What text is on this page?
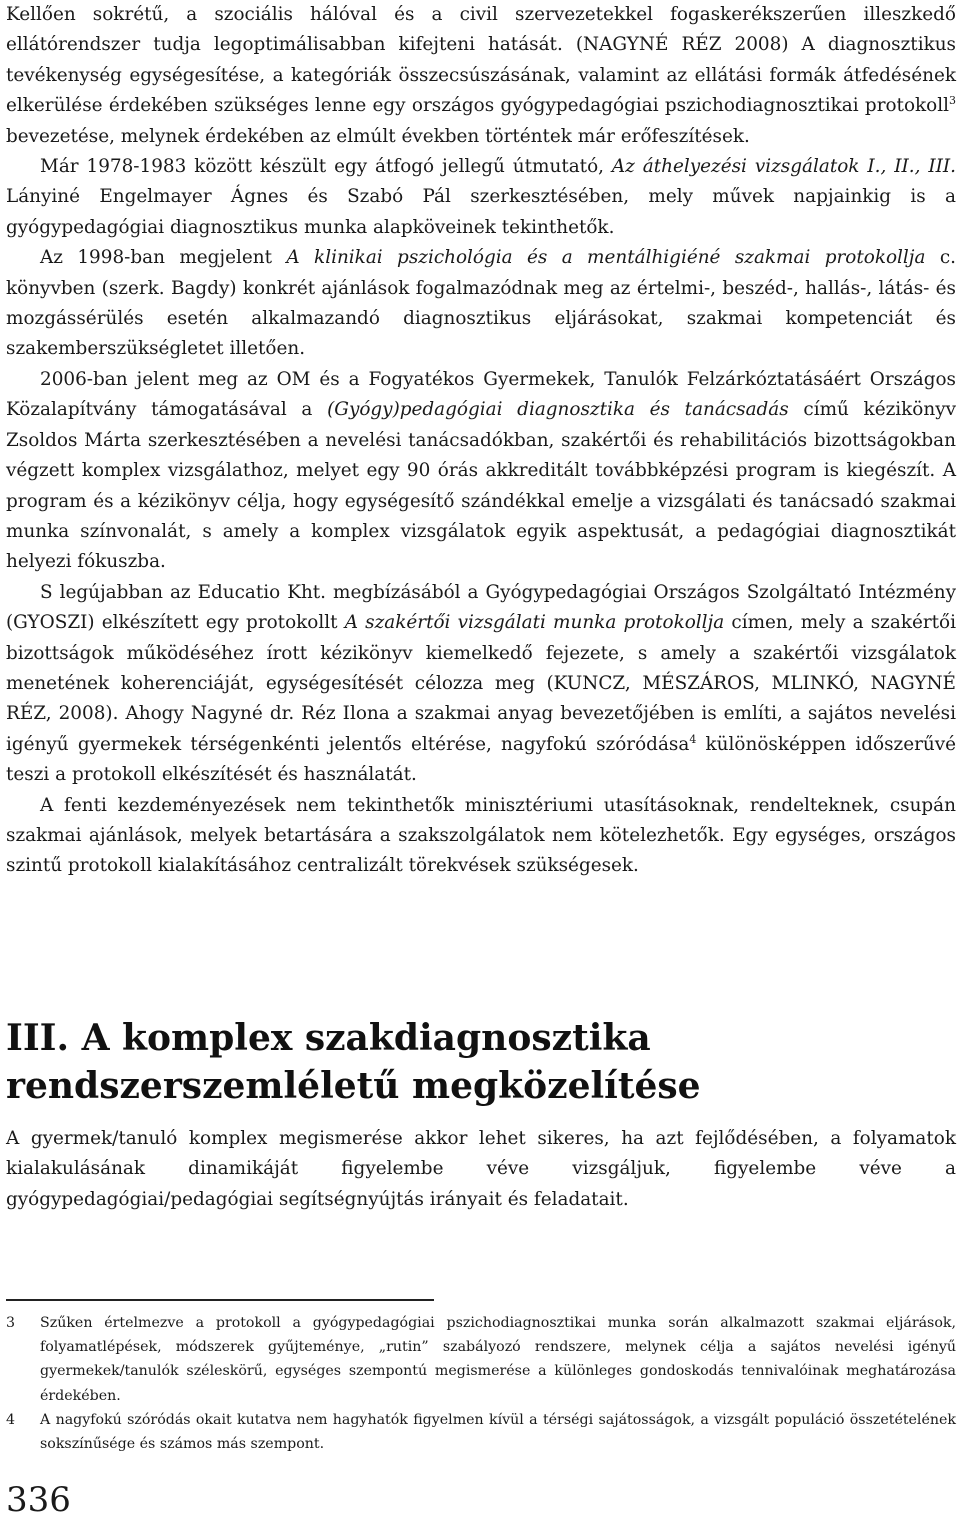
Kellően sokrétű, a szociális hálóval és a civil szervezetekkel fogaskerékszerűen illeszkedő ellátórendszer tudja legoptimálisabban kifejteni hatását. (NAGYNÉ RÉZ 2008) A diagnosztikus tevékenység egységesítése, a kategóriák összecsúszásának, valamint az ellátási formák átfedésének elkerülése érdekében szükséges lenne egy országos gyógypedagógiai pszichodiagnosztikai protokoll$^3$ bevezetése, melynek érdekében az elmúlt években történtek már erőfeszítések.

Már 1978-1983 között készült egy átfogó jellegű útmutató, Az áthelyezési vizsgálatok I., II., III. Lányiné Engelmayer Ágnes és Szabó Pál szerkesztésében, mely művek napjainkig is a gyógypedagógiai diagnosztikus munka alapköveinek tekinthetők.

Az 1998-ban megjelent A klinikai pszichológia és a mentálhigiéné szakmai protokollja c. könyvben (szerk. Bagdy) konkrét ajánlások fogalmazódnak meg az értelmi-, beszéd-, hallás-, látás- és mozgássérülés esetén alkalmazandó diagnosztikus eljárásokat, szakmai kompetenciát és szakemberszükségletet illetően.

2006-ban jelent meg az OM és a Fogyatékos Gyermekek, Tanulók Felzárkóztatásáért Országos Közalapítvány támogatásával a (Gyógy)pedagógiai diagnosztika és tanácsadás című kézikönyv Zsoldos Márta szerkesztésében a nevelési tanácsadókban, szakértői és rehabilitációs bizottságokban végzett komplex vizsgálathoz, melyet egy 90 órás akkreditált továbbképzési program is kiegészít. A program és a kézikönyv célja, hogy egységesítő szándékkal emelje a vizsgálati és tanácsadó szakmai munka színvonalát, s amely a komplex vizsgálatok egyik aspektusát, a pedagógiai diagnosztikát helyezi fókuszba.

S legújabban az Educatio Kht. megbízásából a Gyógypedagógiai Országos Szolgáltató Intézmény (GYOSZI) elkészített egy protokollt A szakértői vizsgálati munka protokollja címen, mely a szakértői bizottságok működéséhez írott kézikönyv kiemelkedő fejezete, s amely a szakértői vizsgálatok menetének koherenciáját, egységesítését célozza meg (KUNCZ, MÉSZÁROS, MLINKÓ, NAGYNÉ RÉZ, 2008). Ahogy Nagyné dr. Réz Ilona a szakmai anyag bevezetőjében is említi, a sajátos nevelési igényű gyermekek térségenkénti jelentős eltérése, nagyfokú szóródása$^4$ különösképpen időszerűvé teszi a protokoll elkészítését és használatát.

A fenti kezdeményezések nem tekinthetők minisztériumi utasításoknak, rendelteknek, csupán szakmai ajánlások, melyek betartására a szakszolgálatok nem kötelezhetők. Egy egységes, országos szintű protokoll kialakításához centralizált törekvések szükségesek.

III. A komplex szakdiagnosztika rendszerszemléletű megközelítése

A gyermek/tanuló komplex megismerése akkor lehet sikeres, ha azt fejlődésében, a folyamatok kialakulásának dinamikáját figyelembe véve vizsgáljuk, figyelembe véve a gyógypedagógiai/pedagógiai segítségnyújtás irányait és feladatait.

3	Szűken értelmezve a protokoll a gyógypedagógiai pszichodiagnosztikai munka során alkalmazott szakmai eljárások, folyamatlépések, módszerek gyűjteménye, „rutin” szabályozó rendszere, melynek célja a sajátos nevelési igényű gyermekek/tanulók széleskörű, egységes szempontú megismerése a különleges gondoskodás tennivalóinak meghatározása érdekében.
4	A nagyfokú szóródás okait kutatva nem hagyhatók figyelmen kívül a térségi sajátosságok, a vizsgált populáció összetételének sokszínűsége és számos más szempont.
336
